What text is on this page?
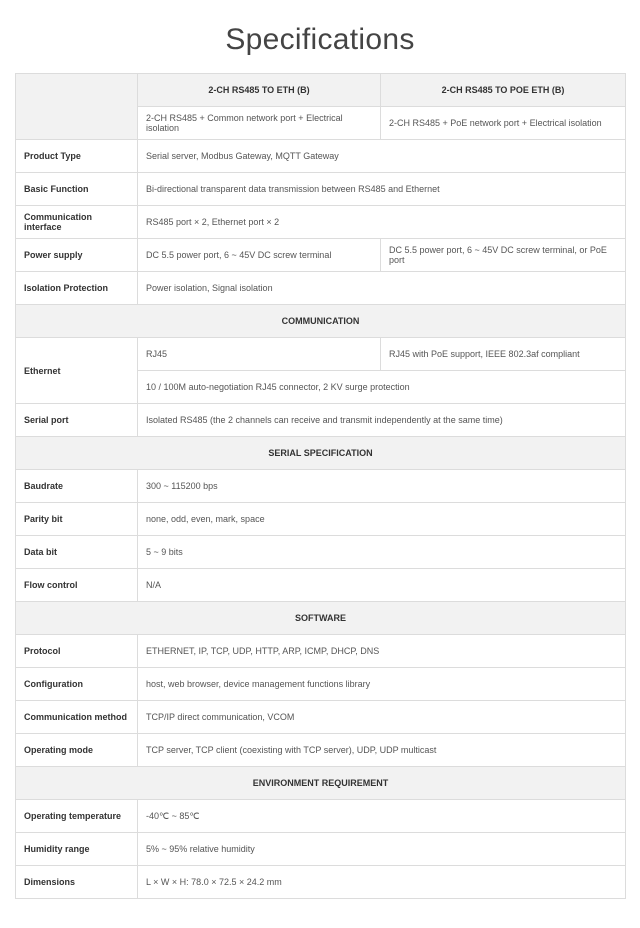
Specifications
	2-CH RS485 TO ETH (B)	2-CH RS485 TO POE ETH (B)
	2-CH RS485 + Common network port + Electrical isolation	2-CH RS485 + PoE network port + Electrical isolation
Product Type	Serial server, Modbus Gateway, MQTT Gateway	
Basic Function	Bi-directional transparent data transmission between RS485 and Ethernet	
Communication interface	RS485 port × 2, Ethernet port × 2	
Power supply	DC 5.5 power port, 6 ~ 45V DC screw terminal	DC 5.5 power port, 6 ~ 45V DC screw terminal, or PoE port
Isolation Protection	Power isolation, Signal isolation	
COMMUNICATION		
Ethernet	RJ45	RJ45 with PoE support, IEEE 802.3af compliant
	10 / 100M auto-negotiation RJ45 connector, 2 KV surge protection	
Serial port	Isolated RS485 (the 2 channels can receive and transmit independently at the same time)	
SERIAL SPECIFICATION		
Baudrate	300 ~ 115200 bps	
Parity bit	none, odd, even, mark, space	
Data bit	5 ~ 9 bits	
Flow control	N/A	
SOFTWARE		
Protocol	ETHERNET, IP, TCP, UDP, HTTP, ARP, ICMP, DHCP, DNS	
Configuration	host, web browser, device management functions library	
Communication method	TCP/IP direct communication, VCOM	
Operating mode	TCP server, TCP client (coexisting with TCP server), UDP, UDP multicast	
ENVIRONMENT REQUIREMENT		
Operating temperature	-40℃ ~ 85℃	
Humidity range	5% ~ 95% relative humidity	
Dimensions	L × W × H: 78.0 × 72.5 × 24.2 mm	
